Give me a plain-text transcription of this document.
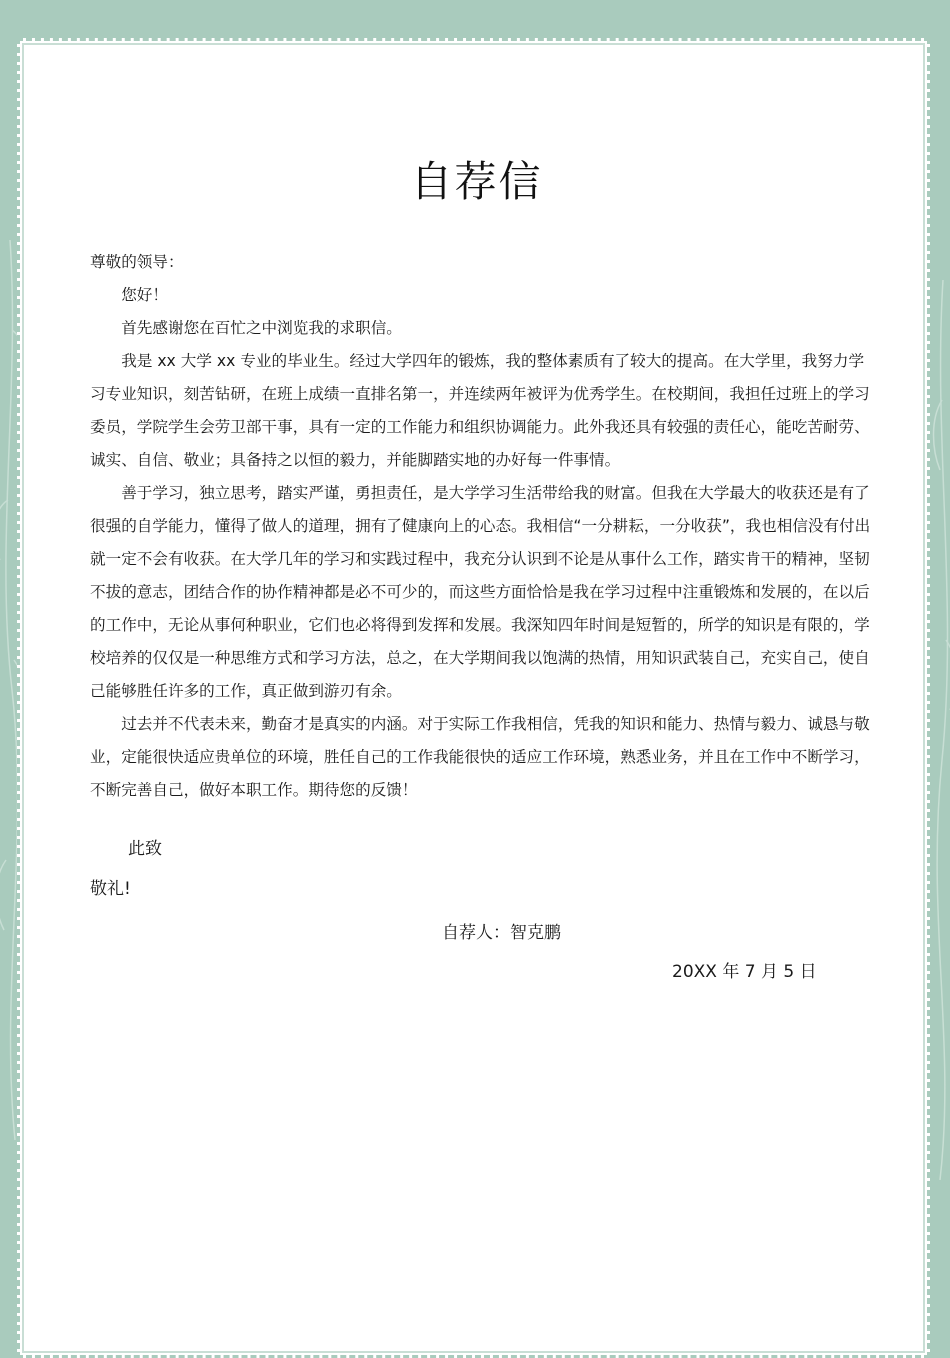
自荐信

尊敬的领导：

您好！

首先感谢您在百忙之中浏览我的求职信。

我是 xx 大学 xx 专业的毕业生。经过大学四年的锻炼，我的整体素质有了较大的提高。在大学里，我努力学习专业知识，刻苦钻研，在班上成绩一直排名第一，并连续两年被评为优秀学生。在校期间，我担任过班上的学习委员，学院学生会劳卫部干事，具有一定的工作能力和组织协调能力。此外我还具有较强的责任心，能吃苦耐劳、诚实、自信、敬业；具备持之以恒的毅力，并能脚踏实地的办好每一件事情。

善于学习，独立思考，踏实严谨，勇担责任，是大学学习生活带给我的财富。但我在大学最大的收获还是有了很强的自学能力，懂得了做人的道理，拥有了健康向上的心态。我相信“一分耕耘，一分收获”，我也相信没有付出就一定不会有收获。在大学几年的学习和实践过程中，我充分认识到不论是从事什么工作，踏实肯干的精神，坚韧不拔的意志，团结合作的协作精神都是必不可少的，而这些方面恰恰是我在学习过程中注重锻炼和发展的，在以后的工作中，无论从事何种职业，它们也必将得到发挥和发展。我深知四年时间是短暂的，所学的知识是有限的，学校培养的仅仅是一种思维方式和学习方法，总之，在大学期间我以饱满的热情，用知识武装自己，充实自己，使自己能够胜任许多的工作，真正做到游刃有余。

过去并不代表未来，勤奋才是真实的内涵。对于实际工作我相信，凭我的知识和能力、热情与毅力、诚恳与敬业，定能很快适应贵单位的环境，胜任自己的工作我能很快的适应工作环境，熟悉业务，并且在工作中不断学习，不断完善自己，做好本职工作。期待您的反馈！

此致

敬礼!

自荐人：智克鹏

20XX 年 7 月 5 日
